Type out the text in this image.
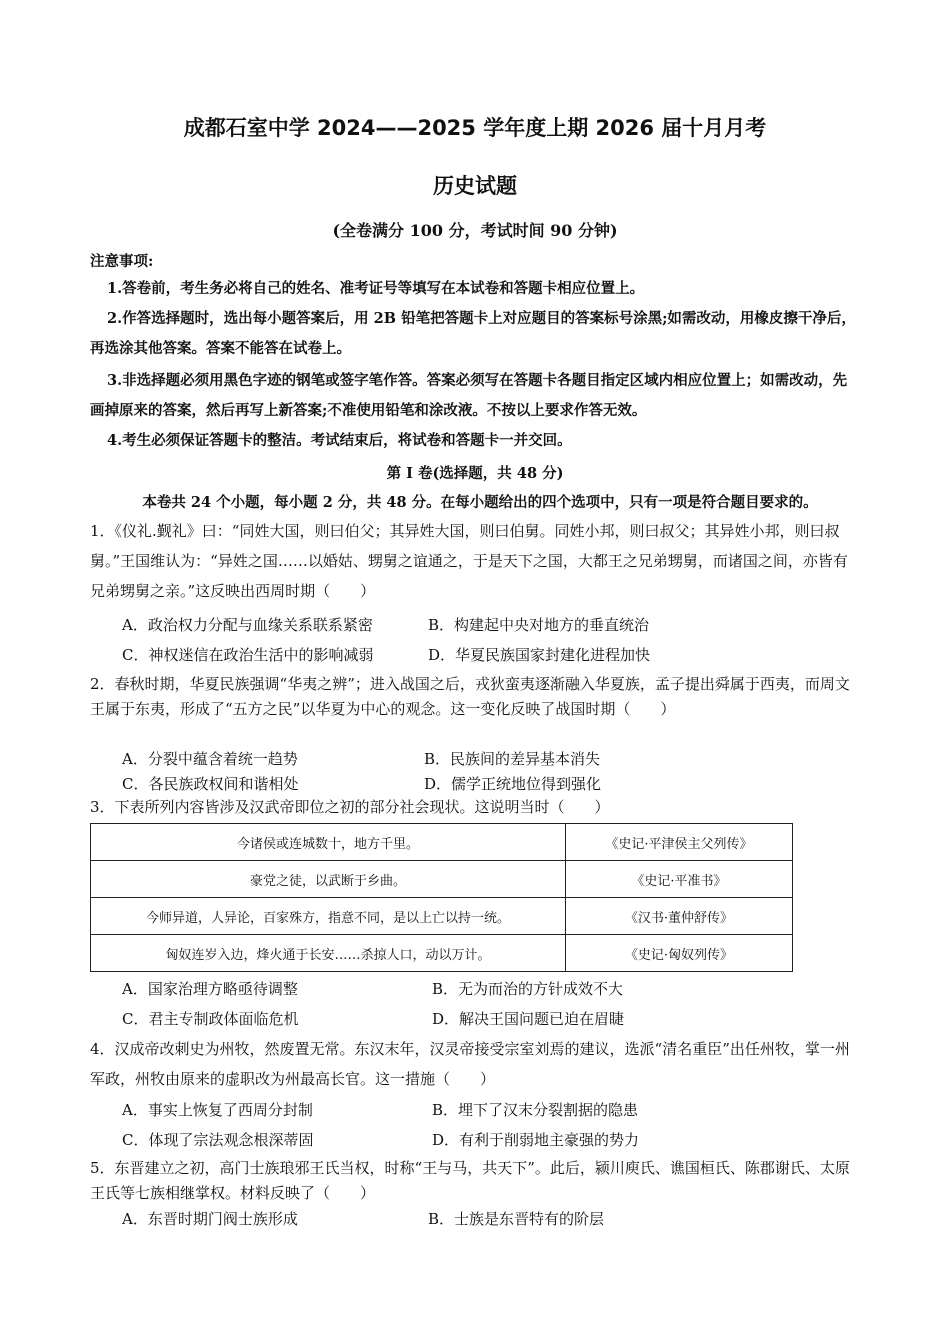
成都石室中学 2024——2025 学年度上期 2026 届十月月考
历史试题
(全卷满分 100 分，考试时间 90 分钟)
注意事项:
1.答卷前，考生务必将自己的姓名、准考证号等填写在本试卷和答题卡相应位置上。
2.作答选择题时，选出每小题答案后，用 2B 铅笔把答题卡上对应题目的答案标号涂黑;如需改动，用橡皮擦干净后，再选涂其他答案。答案不能答在试卷上。
3.非选择题必须用黑色字迹的钢笔或签字笔作答。答案必须写在答题卡各题目指定区域内相应位置上；如需改动，先画掉原来的答案，然后再写上新答案;不准使用铅笔和涂改液。不按以上要求作答无效。
4.考生必须保证答题卡的整洁。考试结束后，将试卷和答题卡一并交回。
第 I 卷(选择题，共 48 分)
本卷共 24 个小题，每小题 2 分，共 48 分。在每小题给出的四个选项中，只有一项是符合题目要求的。
1．《仪礼.觐礼》曰：“同姓大国，则曰伯父；其异姓大国，则曰伯舅。同姓小邦，则曰叔父；其异姓小邦，则曰叔舅。”王国维认为：“异姓之国……以婚姑、甥舅之谊通之，于是天下之国，大都王之兄弟甥舅，而诸国之间，亦皆有兄弟甥舅之亲。”这反映出西周时期（　　）
A．政治权力分配与血缘关系联系紧密	B．构建起中央对地方的垂直统治
C．神权迷信在政治生活中的影响减弱	D．华夏民族国家封建化进程加快
2．春秋时期，华夏民族强调“华夷之辨”；进入战国之后，戎狄蛮夷逐渐融入华夏族，孟子提出舜属于西夷，而周文王属于东夷，形成了“五方之民”以华夏为中心的观念。这一变化反映了战国时期（　　）
A．分裂中蕴含着统一趋势	B．民族间的差异基本消失
C．各民族政权间和谐相处	D．儒学正统地位得到强化
3．下表所列内容皆涉及汉武帝即位之初的部分社会现状。这说明当时（　　）
今诸侯或连城数十，地方千里。	《史记·平津侯主父列传》
豪党之徒，以武断于乡曲。	《史记·平准书》
今师异道，人异论，百家殊方，指意不同，是以上亡以持一统。	《汉书·董仲舒传》
匈奴连岁入边，烽火通于长安……杀掠人口，动以万计。	《史记·匈奴列传》
A．国家治理方略亟待调整	B．无为而治的方针成效不大
C．君主专制政体面临危机	D．解决王国问题已迫在眉睫
4．汉成帝改刺史为州牧，然废置无常。东汉末年，汉灵帝接受宗室刘焉的建议，选派“清名重臣”出任州牧，掌一州军政，州牧由原来的虚职改为州最高长官。这一措施（　　）
A．事实上恢复了西周分封制	B．埋下了汉末分裂割据的隐患
C．体现了宗法观念根深蒂固	D．有利于削弱地主豪强的势力
5．东晋建立之初，高门士族琅邪王氏当权，时称“王与马，共天下”。此后，颍川庾氏、谯国桓氏、陈郡谢氏、太原王氏等七族相继掌权。材料反映了（　　）
A．东晋时期门阀士族形成	B．士族是东晋特有的阶层
